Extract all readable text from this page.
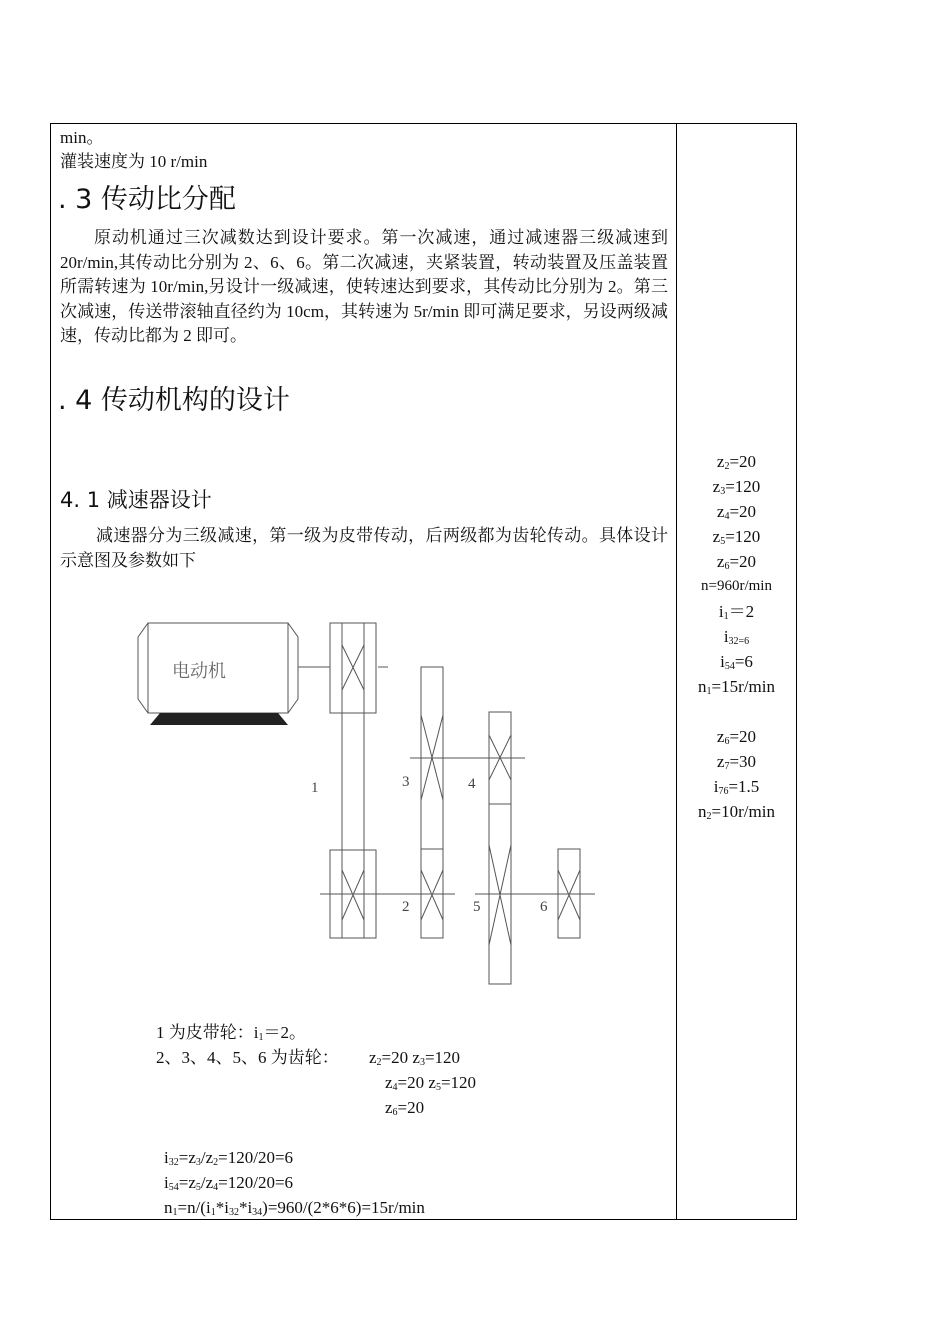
min。
灌装速度为 10 r/min
. 3 传动比分配
原动机通过三次减数达到设计要求。第一次减速，通过减速器三级减速到 20r/min,其传动比分别为 2、6、6。第二次减速，夹紧装置，转动装置及压盖装置所需转速为 10r/min,另设计一级减速，使转速达到要求，其传动比分别为 2。第三次减速，传送带滚轴直径约为 10cm，其转速为 5r/min 即可满足要求，另设两级减速，传动比都为 2 即可。
. 4 传动机构的设计
4. 1 减速器设计
减速器分为三级减速，第一级为皮带传动，后两级都为齿轮传动。具体设计示意图及参数如下
电动机
1
2
3	4
5	6
1 为皮带轮：$i_1=2$。
2、3、4、5、6 为齿轮： $z_2=20$ $z_3=120$
$z_4=20$ $z_5=120$
$z_6=20$
$i_{32}=z_3/z_2=120/20=6$
$i_{54}=z_5/z_4=120/20=6$
$n_1=n/(i_1*i_{32}*i_{34})=960/(2*6*6)=15r/\min$
$z_2=20$
$z_3=120$
$z_4=20$
$z_5=120$
$z_6=20$
n=960r/min
$i_1=2$
$i_{32=6}$
$i_{54}=6$
$n_1=15r/\min$
$z_6=20$
$z_7=30$
$i_{76}=1.5$
$n_2=10r/\min$
